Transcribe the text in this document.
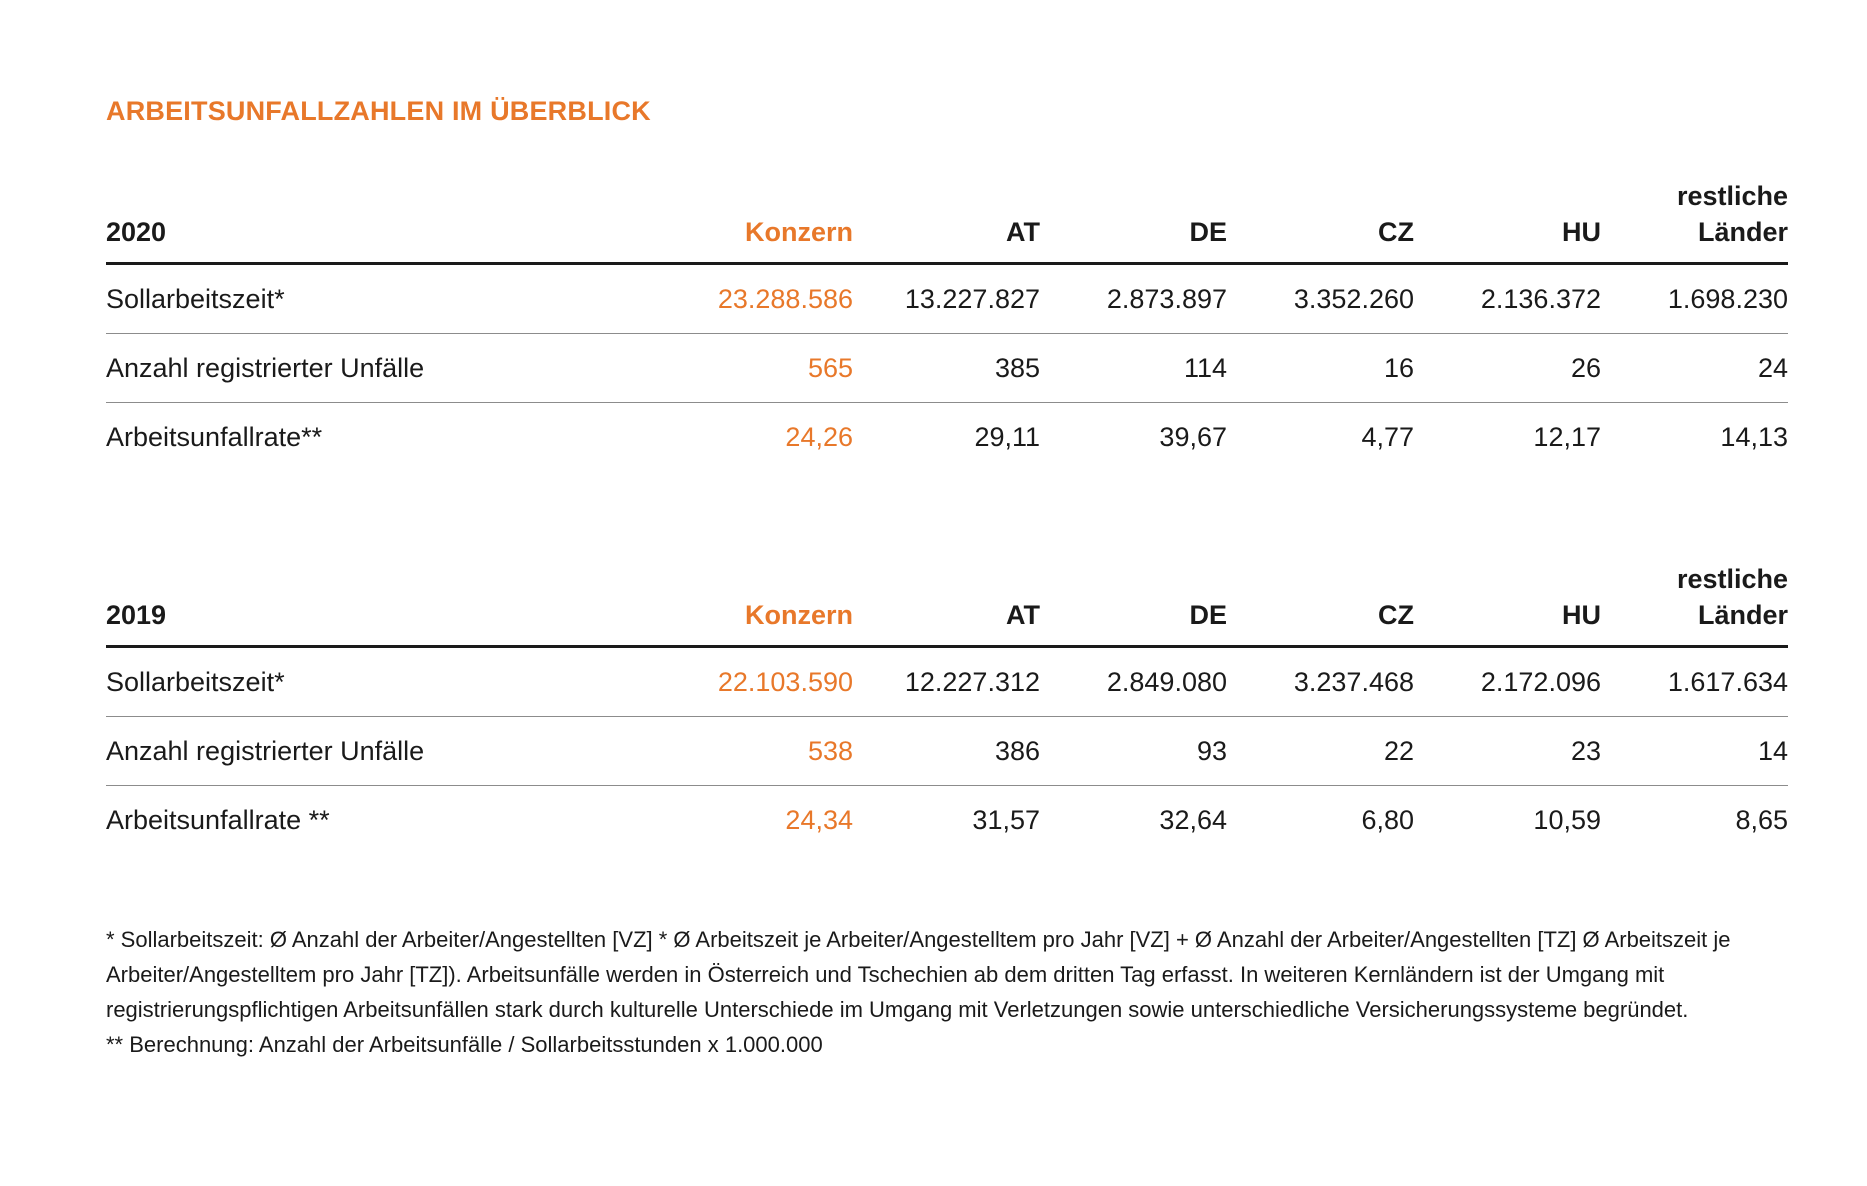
ARBEITSUNFALLZAHLEN IM ÜBERBLICK
2020	Konzern	AT	DE	CZ	HU	restliche
Länder
Sollarbeitszeit*	23.288.586	13.227.827	2.873.897	3.352.260	2.136.372	1.698.230
Anzahl registrierter Unfälle	565	385	114	16	26	24
Arbeitsunfallrate**	24,26	29,11	39,67	4,77	12,17	14,13
2019	Konzern	AT	DE	CZ	HU	restliche
Länder
Sollarbeitszeit*	22.103.590	12.227.312	2.849.080	3.237.468	2.172.096	1.617.634
Anzahl registrierter Unfälle	538	386	93	22	23	14
Arbeitsunfallrate **	24,34	31,57	32,64	6,80	10,59	8,65

* Sollarbeitszeit: Ø Anzahl der Arbeiter/Angestellten [VZ] * Ø Arbeitszeit je Arbeiter/Angestelltem pro Jahr [VZ] + Ø Anzahl der Arbeiter/Angestellten [TZ] Ø Arbeitszeit je Arbeiter/Angestelltem pro Jahr [TZ]). Arbeitsunfälle werden in Österreich und Tschechien ab dem dritten Tag erfasst. In weiteren Kernländern ist der Umgang mit registrierungspflichtigen Arbeitsunfällen stark durch kulturelle Unterschiede im Umgang mit Verletzungen sowie unterschiedliche Versicherungssysteme begründet.

** Berechnung: Anzahl der Arbeitsunfälle / Sollarbeitsstunden x 1.000.000
